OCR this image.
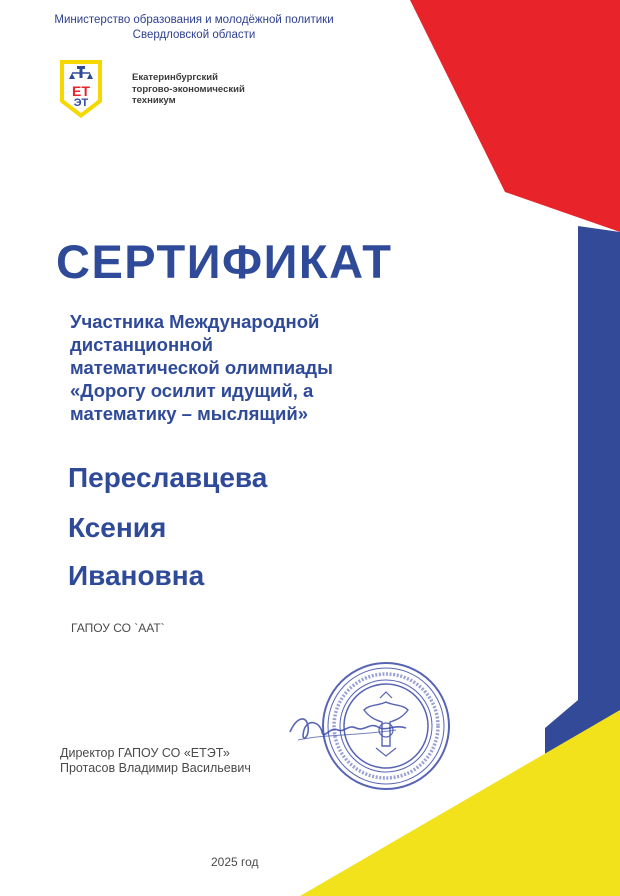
Министерство образования и молодёжной политики
Свердловской области
ЕТ
ЭТ
Екатеринбургский
торгово-экономический
техникум
СЕРТИФИКАТ
Участника Международной
дистанционной
математической олимпиады
«Дорогу осилит идущий, а
математику – мыслящий»
Переславцева
Ксения
Ивановна
ГАПОУ СО `ААТ`
Директор ГАПОУ СО «ЕТЭТ»
Протасов Владимир Васильевич
2025 год
